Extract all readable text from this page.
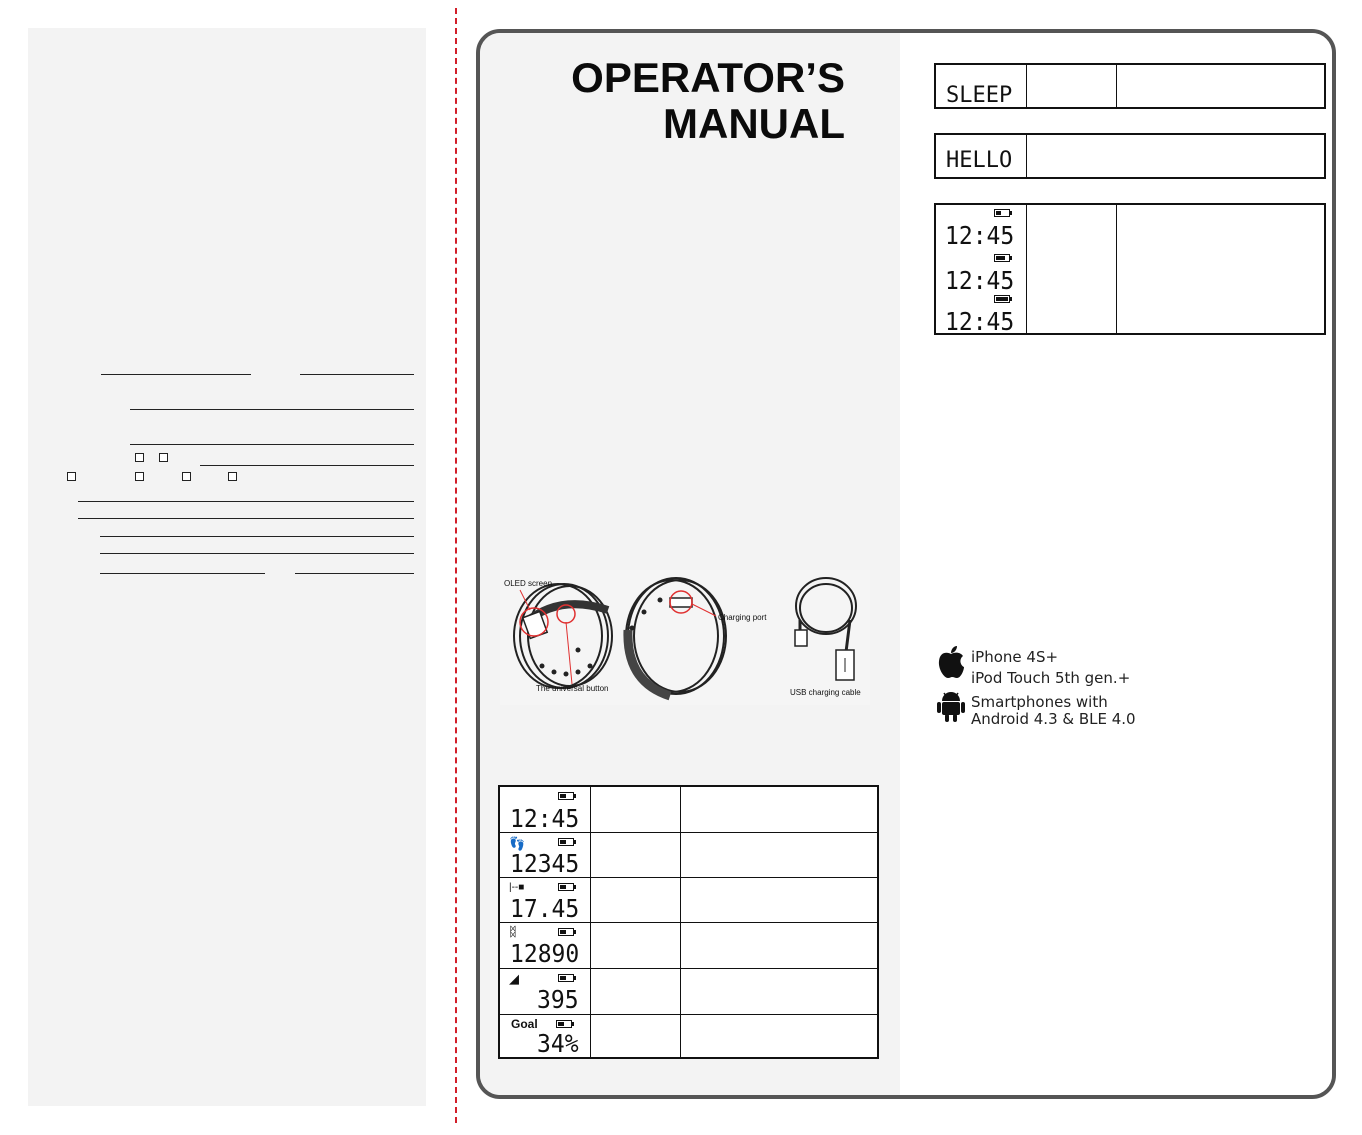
OPERATOR’S
MANUAL
OLED screen
The universal button
Charging port
USB charging cable
12:45
👣
12345
|--■
17.45
ᛥ
12890
◢
395
Goal
34%
SLEEP
HELLO
12:45
12:45
12:45
iPhone 4S+
iPod Touch 5th gen.+
Smartphones with
Android 4.3 & BLE 4.0
